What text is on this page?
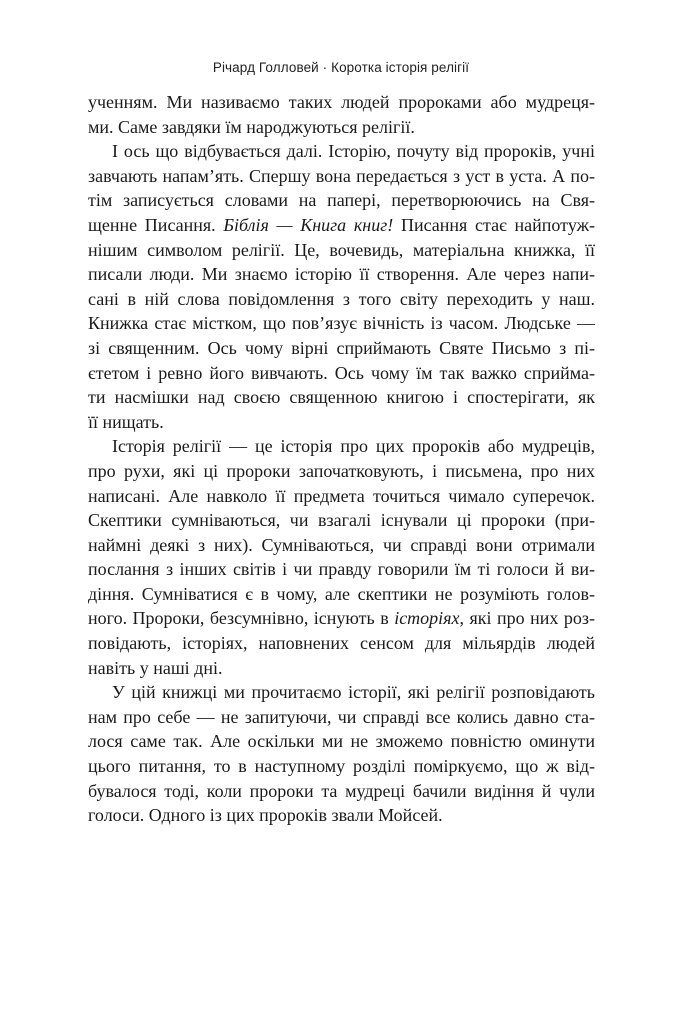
Річард Голловей · Коротка історія релігії
ученням. Ми називаємо таких людей пророками або мудреця-
ми. Саме завдяки їм народжуються релігії.
І ось що відбувається далі. Історію, почуту від пророків, учні
завчають напам’ять. Спершу вона передається з уст в уста. А по-
тім записується словами на папері, перетворюючись на Свя-
щенне Писання. Біблія — Книга книг! Писання стає найпотуж-
нішим символом релігії. Це, вочевидь, матеріальна книжка, її
писали люди. Ми знаємо історію її створення. Але через напи-
сані в ній слова повідомлення з того світу переходить у наш.
Книжка стає містком, що пов’язує вічність із часом. Людське —
зі священним. Ось чому вірні сприймають Святе Письмо з пі-
єтетом і ревно його вивчають. Ось чому їм так важко сприйма-
ти насмішки над своєю священною книгою і спостерігати, як
її нищать.
Історія релігії — це історія про цих пророків або мудреців,
про рухи, які ці пророки започатковують, і письмена, про них
написані. Але навколо її предмета точиться чимало суперечок.
Скептики сумніваються, чи взагалі існували ці пророки (при-
наймні деякі з них). Сумніваються, чи справді вони отримали
послання з інших світів і чи правду говорили їм ті голоси й ви-
діння. Сумніватися є в чому, але скептики не розуміють голов-
ного. Пророки, безсумнівно, існують в історіях, які про них роз-
повідають, історіях, наповнених сенсом для мільярдів людей
навіть у наші дні.
У цій книжці ми прочитаємо історії, які релігії розповідають
нам про себе — не запитуючи, чи справді все колись давно ста-
лося саме так. Але оскільки ми не зможемо повністю оминути
цього питання, то в наступному розділі поміркуємо, що ж від-
бувалося тоді, коли пророки та мудреці бачили видіння й чули
голоси. Одного із цих пророків звали Мойсей.
